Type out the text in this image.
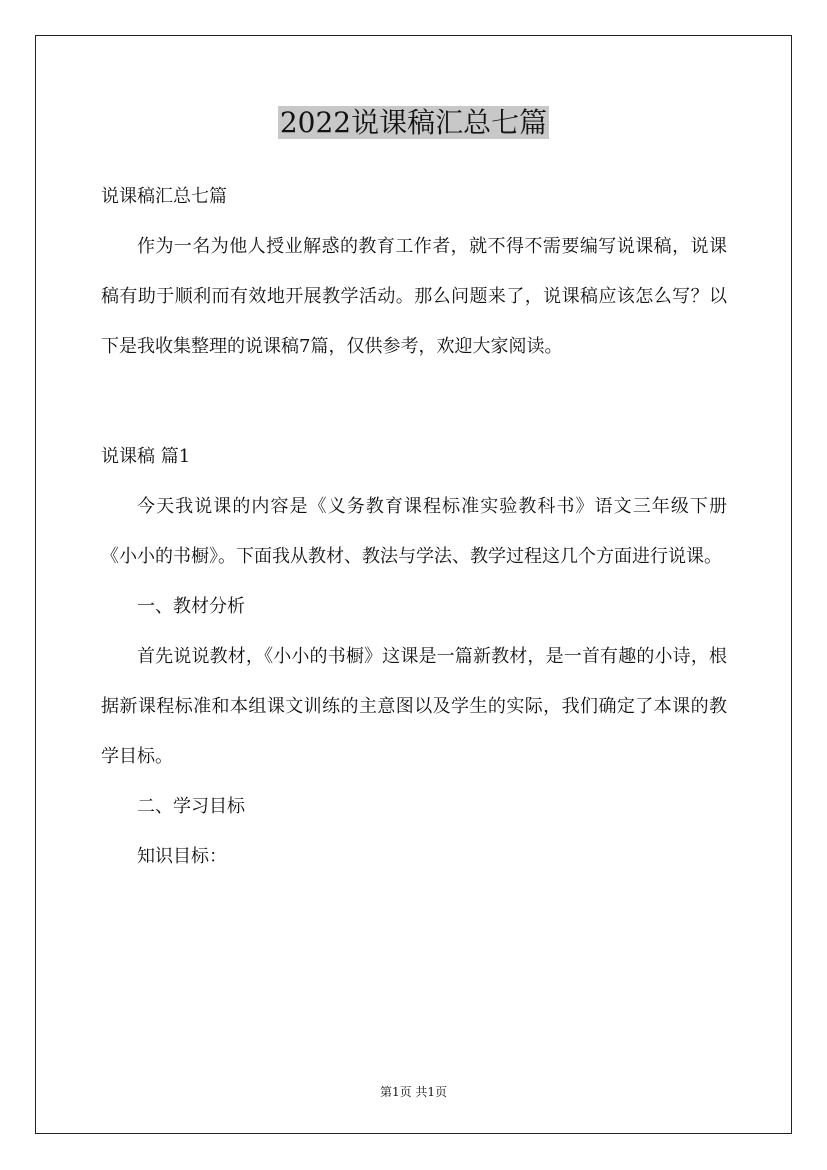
2022说课稿汇总七篇
说课稿汇总七篇

作为一名为他人授业解惑的教育工作者，就不得不需要编写说课稿，说课稿有助于顺利而有效地开展教学活动。那么问题来了，说课稿应该怎么写？以下是我收集整理的说课稿7篇，仅供参考，欢迎大家阅读。

说课稿 篇1

今天我说课的内容是《义务教育课程标准实验教科书》语文三年级下册《小小的书橱》。下面我从教材、教法与学法、教学过程这几个方面进行说课。

一、教材分析

首先说说教材，《小小的书橱》这课是一篇新教材，是一首有趣的小诗，根据新课程标准和本组课文训练的主意图以及学生的实际，我们确定了本课的教学目标。

二、学习目标

知识目标：

第1页 共1页
